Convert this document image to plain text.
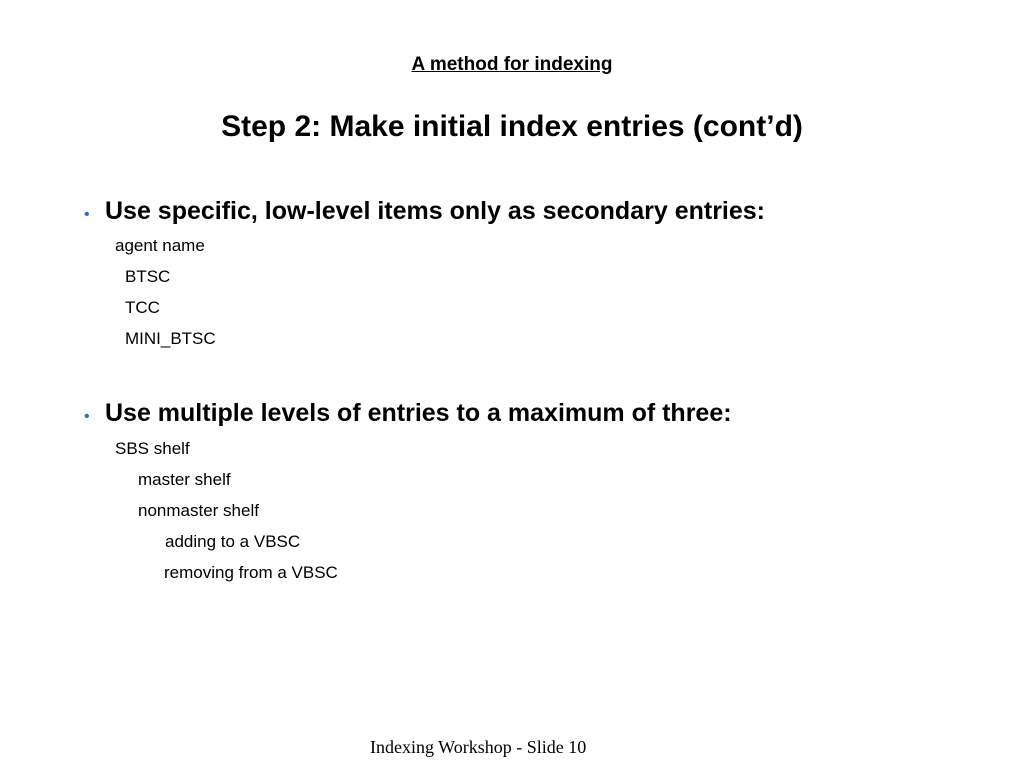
A method for indexing
Step 2: Make initial index entries (cont’d)
• Use specific, low-level items only as secondary entries:
agent name
BTSC
TCC
MINI_BTSC
• Use multiple levels of entries to a maximum of three:
SBS shelf
master shelf
nonmaster shelf
adding to a VBSC
removing from a VBSC
Indexing Workshop - Slide 10
